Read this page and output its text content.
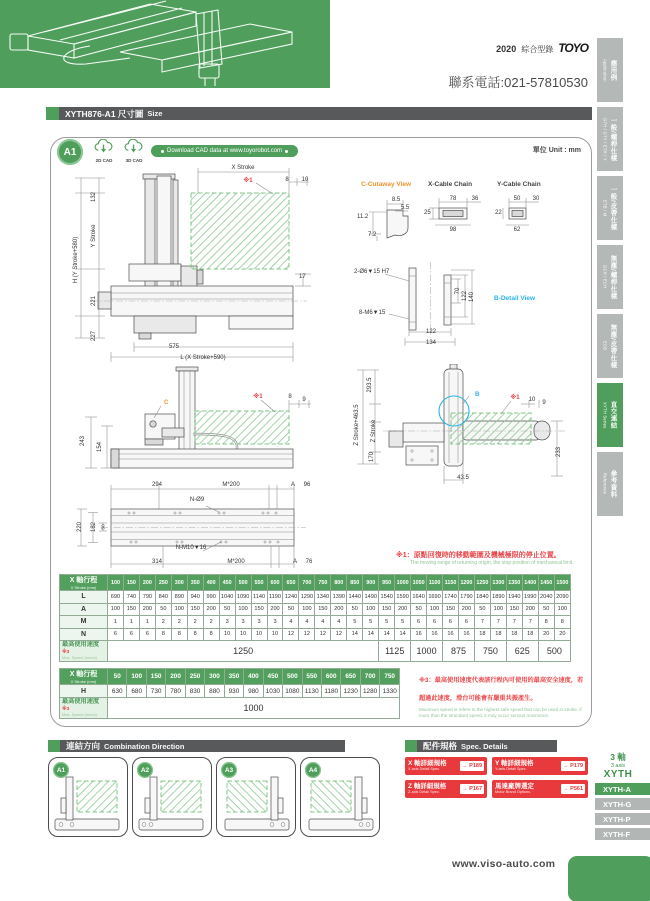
2020 綜合型錄 TOYO
聯系電話:021-57810530
XYTH876-A1 尺寸圖 Size
Application 應用例
GTH / GTY / ETH / Y 一般/螺桿仕樣
ETB / M 一般/皮帶仕樣
GCH / ECH 無塵/螺桿仕樣
ECB 無塵/皮帶仕樣
XYTH Series 直交連結
Reference 參考資料
A1
2D CAD	3D CAD
Download CAD data at www.toyorobot.com	單位 Unit : mm
X Stroke
※1	8 10
132
Y Stroke
H (Y Stroke+580)
221
227
17
575
L (X Stroke+590)
C-Cutaway View
8.5
5.5
11.2
7.2
X-Cable Chain
78	36
25
98
Y-Cable Chain
50 30
22
62
2-Ø6▼15 H7
8-M6▼15
70 122 140	B-Detail View
122
134
243
154
C
※1	8 9
Z Stroke+463.5
293.5
Z Stroke
170
B	※1 10 9
233
43.5
294	M*200	A 96
N-Ø9
220 182 50
N-M10▼16
314	M*200	A 76
※1：原點回復時的移動範圍及機械極限的停止位置。
The moving range of returning origin, the stop position of mechanical limit.
X 軸行程
X Stroke (mm)	100	150	200	250	300	350	400	450	500	550	600	650	700	750	800	850	900	950	1000	1050	1100	1150	1200	1250	1300	1350	1400	1450	1500
L	690	740	790	840	890	940	990	1040	1090	1140	1190	1240	1290	1340	1390	1440	1490	1540	1590	1640	1690	1740	1790	1840	1890	1940	1990	2040	2090
A	100	150	200	50	100	150	200	50	100	150	200	50	100	150	200	50	100	150	200	50	100	150	200	50	100	150	200	50	100
M	1	1	1	2	2	2	2	3	3	3	3	4	4	4	4	5	5	5	5	6	6	6	6	7	7	7	7	8	8
N	6	6	6	8	8	8	8	10	10	10	10	12	12	12	12	14	14	14	14	16	16	16	16	18	18	18	18	20	20

最高使用速度 ※3
Max. Speed (mm/s)	1250																	1125		1000		875		750		625		500	
X 軸行程
X Stroke (mm)	50	100	150	200	250	300	350	400	450	500	550	600	650	700	750
H	630	680	730	780	830	880	930	980	1030	1080	1130	1180	1230	1280	1330

最高使用速度 ※3
Max. Speed (mm/s)	1000														
※3：最高使用速度代表該行程內可使用的最高安全速度，若超過此速度，滑台可能會有嚴重共振產生。
Maximum speed is refers to the highest safe speed that can be used in stroke, if more than the strandard speed, it may occur serious resonance.
連結方向 Combination Direction
A1	A2	A3	A4
配件規格 Spec. Details
X 軸詳細規格
X-axis Detail Spec.
→ P189	Y 軸詳細規格
Y-axis Detail Spec.
→ P179
Z 軸詳細規格
Z-axis Detail Spec.
→ P167	馬達廠牌選定
Motor Brand Options.
→ P561
3 軸
3 axis
XYTH
XYTH-A
XYTH-G
XYTH-P
XYTH-F
www.viso-auto.com
